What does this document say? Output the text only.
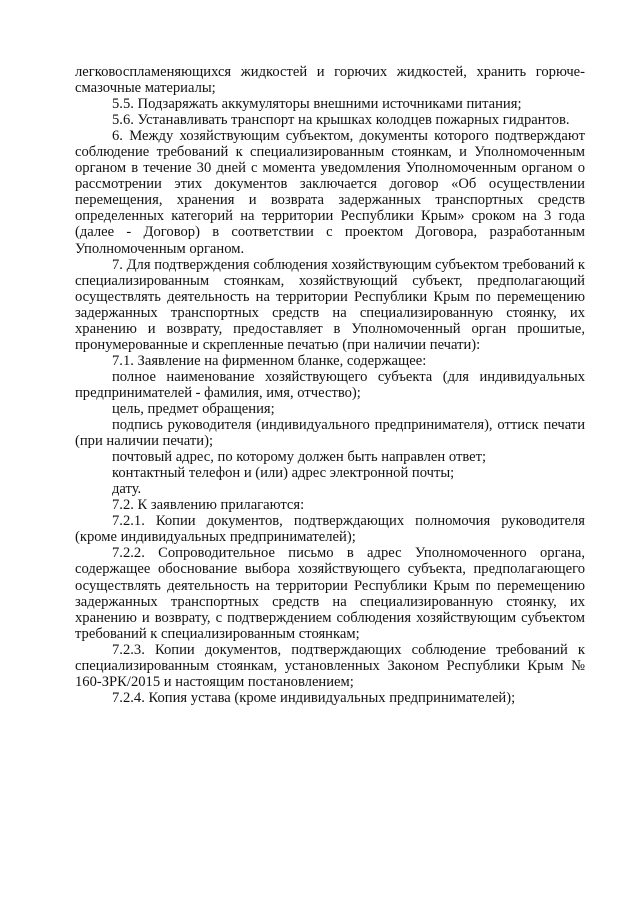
легковоспламеняющихся жидкостей и горючих жидкостей, хранить горюче-смазочные материалы;

5.5. Подзаряжать аккумуляторы внешними источниками питания;

5.6. Устанавливать транспорт на крышках колодцев пожарных гидрантов.

6. Между хозяйствующим субъектом, документы которого подтверждают соблюдение требований к специализированным стоянкам, и Уполномоченным органом в течение 30 дней с момента уведомления Уполномоченным органом о рассмотрении этих документов заключается договор «Об осуществлении перемещения, хранения и возврата задержанных транспортных средств определенных категорий на территории Республики Крым» сроком на 3 года (далее - Договор) в соответствии с проектом Договора, разработанным Уполномоченным органом.

7. Для подтверждения соблюдения хозяйствующим субъектом требований к специализированным стоянкам, хозяйствующий субъект, предполагающий осуществлять деятельность на территории Республики Крым по перемещению задержанных транспортных средств на специализированную стоянку, их хранению и возврату, предоставляет в Уполномоченный орган прошитые, пронумерованные и скрепленные печатью (при наличии печати):

7.1. Заявление на фирменном бланке, содержащее:

полное наименование хозяйствующего субъекта (для индивидуальных предпринимателей - фамилия, имя, отчество);

цель, предмет обращения;

подпись руководителя (индивидуального предпринимателя), оттиск печати (при наличии печати);

почтовый адрес, по которому должен быть направлен ответ;

контактный телефон и (или) адрес электронной почты;

дату.

7.2. К заявлению прилагаются:

7.2.1. Копии документов, подтверждающих полномочия руководителя (кроме индивидуальных предпринимателей);

7.2.2. Сопроводительное письмо в адрес Уполномоченного органа, содержащее обоснование выбора хозяйствующего субъекта, предполагающего осуществлять деятельность на территории Республики Крым по перемещению задержанных транспортных средств на специализированную стоянку, их хранению и возврату, с подтверждением соблюдения хозяйствующим субъектом требований к специализированным стоянкам;

7.2.3. Копии документов, подтверждающих соблюдение требований к специализированным стоянкам, установленных Законом Республики Крым № 160-ЗРК/2015 и настоящим постановлением;

7.2.4. Копия устава (кроме индивидуальных предпринимателей);
